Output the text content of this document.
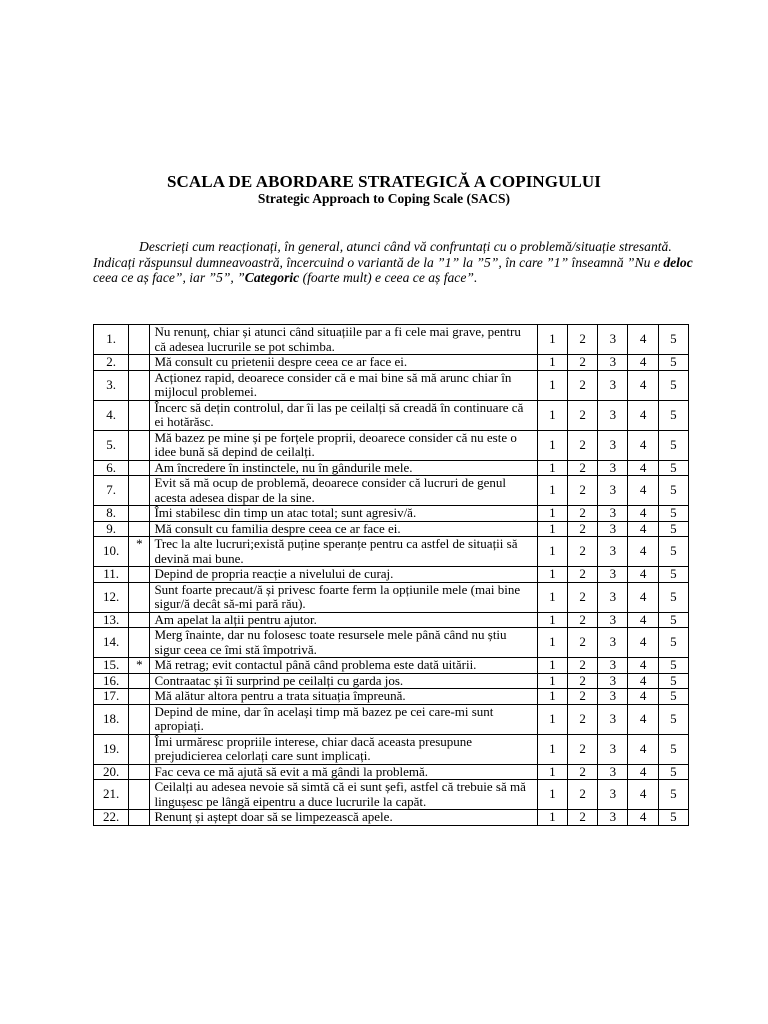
SCALA DE ABORDARE STRATEGICĂ A COPINGULUI
Strategic Approach to Coping Scale (SACS)
Descrieți cum reacționați, în general, atunci când vă confruntați cu o problemă/situație stresantă. Indicați răspunsul dumneavoastră, încercuind o variantă de la ”1” la ”5”, în care ”1” înseamnă ”Nu e deloc ceea ce aș face”, iar ”5”, ”Categoric (foarte mult) e ceea ce aș face”.
1.		Nu renunț, chiar și atunci când situațiile par a fi cele mai grave, pentru că adesea lucrurile se pot schimba.	1	2	3	4	5
2.		Mă consult cu prietenii despre ceea ce ar face ei.	1	2	3	4	5
3.		Acționez rapid, deoarece consider că e mai bine să mă arunc chiar în mijlocul problemei.	1	2	3	4	5
4.		Încerc să dețin controlul, dar îi las pe ceilalți să creadă în continuare că ei hotărăsc.	1	2	3	4	5
5.		Mă bazez pe mine și pe forțele proprii, deoarece consider că nu este o idee bună să depind de ceilalți.	1	2	3	4	5
6.		Am încredere în instinctele, nu în gândurile mele.	1	2	3	4	5
7.		Evit să mă ocup de problemă, deoarece consider că lucruri de genul acesta adesea dispar de la sine.	1	2	3	4	5
8.		Îmi stabilesc din timp un atac total; sunt agresiv/ă.	1	2	3	4	5
9.		Mă consult cu familia despre ceea ce ar face ei.	1	2	3	4	5
10.	*	Trec la alte lucruri;există puține speranțe pentru ca astfel de situații să devină mai bune.	1	2	3	4	5
11.		Depind de propria reacție a nivelului de curaj.	1	2	3	4	5
12.		Sunt foarte precaut/ă și privesc foarte ferm la opțiunile mele (mai bine sigur/ă decât să-mi pară rău).	1	2	3	4	5
13.		Am apelat la alții pentru ajutor.	1	2	3	4	5
14.		Merg înainte, dar nu folosesc toate resursele mele până când nu știu sigur ceea ce îmi stă împotrivă.	1	2	3	4	5
15.	*	Mă retrag; evit contactul până când problema este dată uitării.	1	2	3	4	5
16.		Contraatac și îi surprind pe ceilalți cu garda jos.	1	2	3	4	5
17.		Mă alătur altora pentru a trata situația împreună.	1	2	3	4	5
18.		Depind de mine, dar în același timp mă bazez pe cei care-mi sunt apropiați.	1	2	3	4	5
19.		Îmi urmăresc propriile interese, chiar dacă aceasta presupune prejudicierea celorlați care sunt implicați.	1	2	3	4	5
20.		Fac ceva ce mă ajută să evit a mă gândi la problemă.	1	2	3	4	5
21.		Ceilalți au adesea nevoie să simtă că ei sunt șefi, astfel că trebuie să mă lingușesc pe lângă eipentru a duce lucrurile la capăt.	1	2	3	4	5
22.		Renunț și aștept doar să se limpezească apele.	1	2	3	4	5
